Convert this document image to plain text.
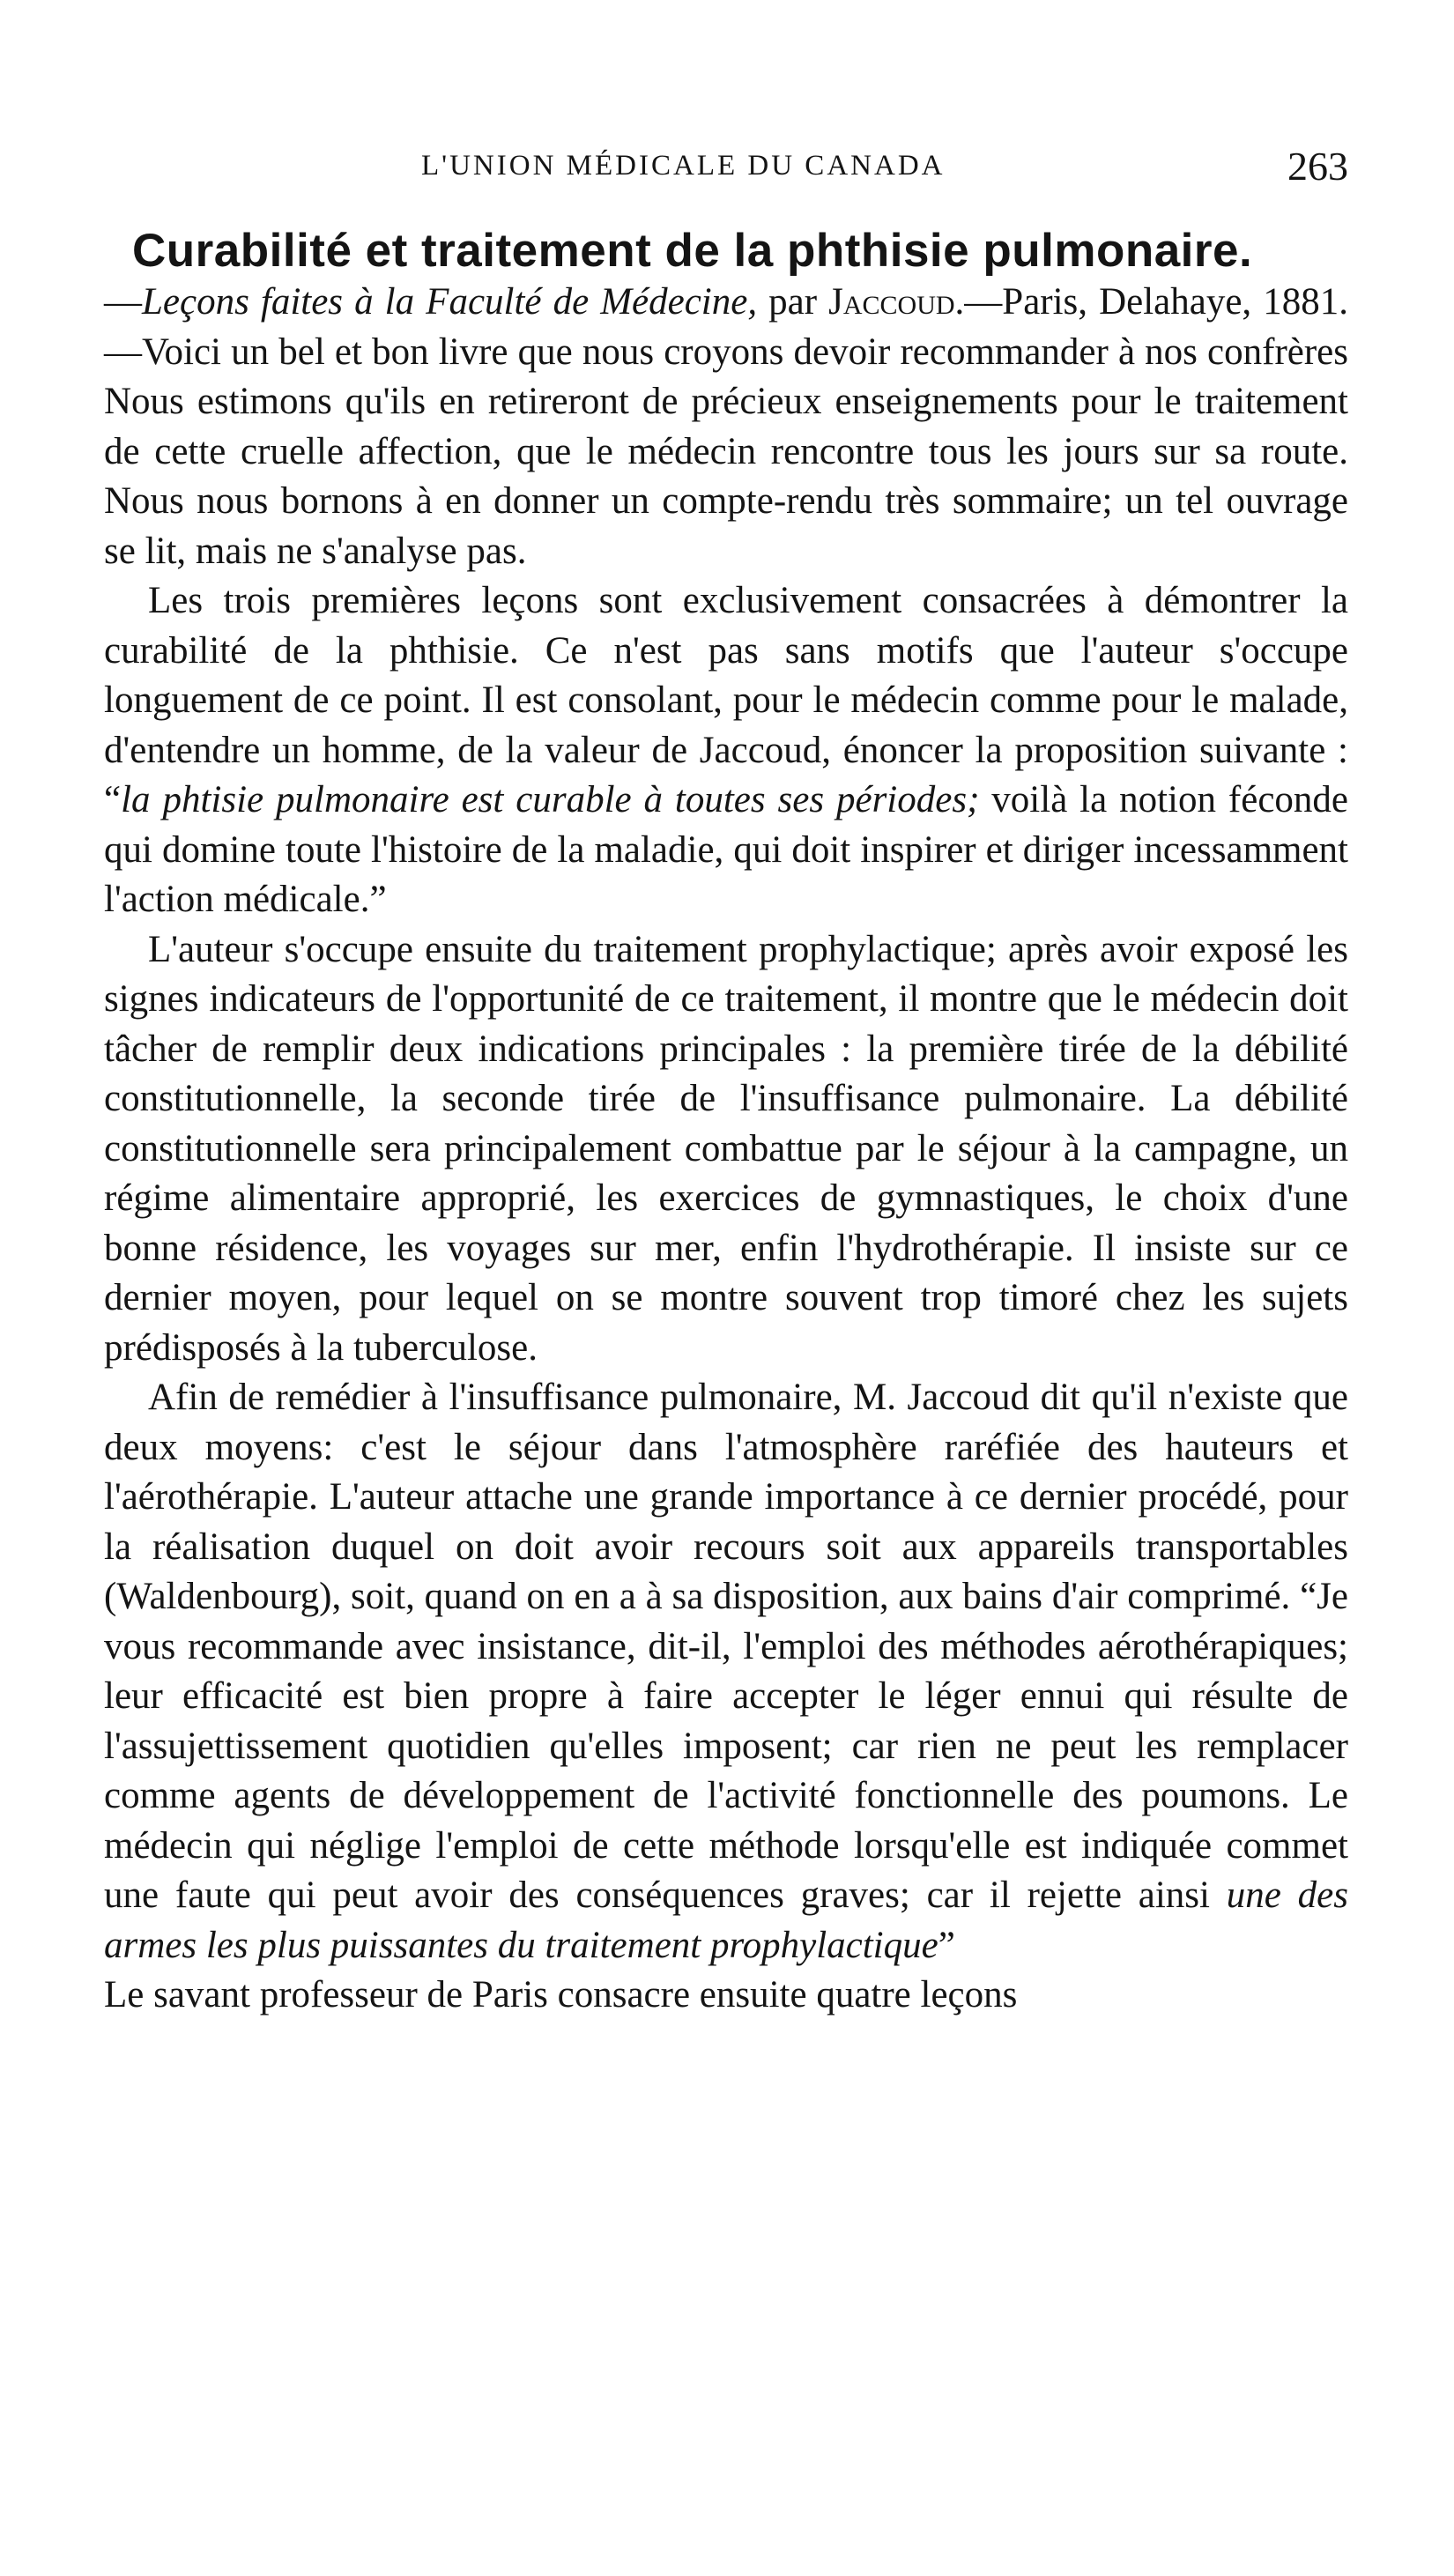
L'UNION MÉDICALE DU CANADA	263
Curabilité et traitement de la phthisie pulmonaire.

—Leçons faites à la Faculté de Médecine, par Jaccoud.—Paris, Delahaye, 1881.—Voici un bel et bon livre que nous croyons devoir recommander à nos confrères Nous estimons qu'ils en retireront de précieux enseignements pour le traitement de cette cruelle affection, que le médecin rencontre tous les jours sur sa route. Nous nous bornons à en donner un compte-rendu très sommaire; un tel ouvrage se lit, mais ne s'analyse pas.

Les trois premières leçons sont exclusivement consacrées à démontrer la curabilité de la phthisie. Ce n'est pas sans motifs que l'auteur s'occupe longuement de ce point. Il est consolant, pour le médecin comme pour le malade, d'entendre un homme, de la valeur de Jaccoud, énoncer la proposition suivante : “la phtisie pulmonaire est curable à toutes ses périodes; voilà la notion féconde qui domine toute l'histoire de la maladie, qui doit inspirer et diriger incessamment l'action médicale.”

L'auteur s'occupe ensuite du traitement prophylactique; après avoir exposé les signes indicateurs de l'opportunité de ce traitement, il montre que le médecin doit tâcher de remplir deux indications principales : la première tirée de la débilité constitutionnelle, la seconde tirée de l'insuffisance pulmonaire. La débilité constitutionnelle sera principalement combattue par le séjour à la campagne, un régime alimentaire approprié, les exercices de gymnastiques, le choix d'une bonne résidence, les voyages sur mer, enfin l'hydrothérapie. Il insiste sur ce dernier moyen, pour lequel on se montre souvent trop timoré chez les sujets prédisposés à la tuberculose.

Afin de remédier à l'insuffisance pulmonaire, M. Jaccoud dit qu'il n'existe que deux moyens: c'est le séjour dans l'atmosphère raréfiée des hauteurs et l'aérothérapie. L'auteur attache une grande importance à ce dernier procédé, pour la réalisation duquel on doit avoir recours soit aux appareils transportables (Waldenbourg), soit, quand on en a à sa disposition, aux bains d'air comprimé. “Je vous recommande avec insistance, dit-il, l'emploi des méthodes aérothérapiques; leur efficacité est bien propre à faire accepter le léger ennui qui résulte de l'assujettissement quotidien qu'elles imposent; car rien ne peut les remplacer comme agents de développement de l'activité fonctionnelle des poumons. Le médecin qui néglige l'emploi de cette méthode lorsqu'elle est indiquée commet une faute qui peut avoir des conséquences graves; car il rejette ainsi une des armes les plus puissantes du traitement prophylactique”

Le savant professeur de Paris consacre ensuite quatre leçons
